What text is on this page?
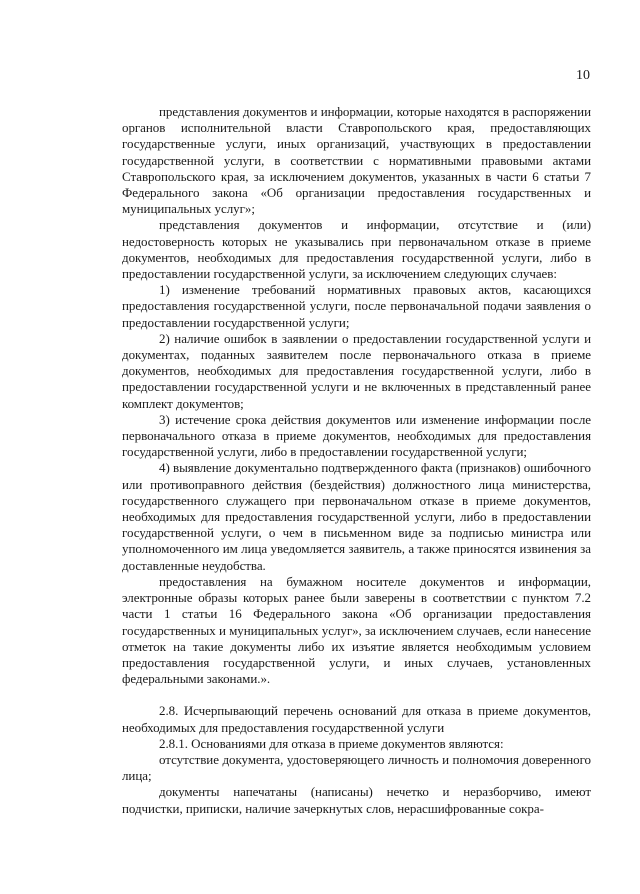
10

представления документов и информации, которые находятся в распоряжении органов исполнительной власти Ставропольского края, предоставляющих государственные услуги, иных организаций, участвующих в предоставлении государственной услуги, в соответствии с нормативными правовыми актами Ставропольского края, за исключением документов, указанных в части 6 статьи 7 Федерального закона «Об организации предоставления государственных и муниципальных услуг»;

представления документов и информации, отсутствие и (или) недостоверность которых не указывались при первоначальном отказе в приеме документов, необходимых для предоставления государственной услуги, либо в предоставлении государственной услуги, за исключением следующих случаев:

1) изменение требований нормативных правовых актов, касающихся предоставления государственной услуги, после первоначальной подачи заявления о предоставлении государственной услуги;

2) наличие ошибок в заявлении о предоставлении государственной услуги и документах, поданных заявителем после первоначального отказа в приеме документов, необходимых для предоставления государственной услуги, либо в предоставлении государственной услуги и не включенных в представленный ранее комплект документов;

3) истечение срока действия документов или изменение информации после первоначального отказа в приеме документов, необходимых для предоставления государственной услуги, либо в предоставлении государственной услуги;

4) выявление документально подтвержденного факта (признаков) ошибочного или противоправного действия (бездействия) должностного лица министерства, государственного служащего при первоначальном отказе в приеме документов, необходимых для предоставления государственной услуги, либо в предоставлении государственной услуги, о чем в письменном виде за подписью министра или уполномоченного им лица уведомляется заявитель, а также приносятся извинения за доставленные неудобства.

предоставления на бумажном носителе документов и информации, электронные образы которых ранее были заверены в соответствии с пунктом 7.2 части 1 статьи 16 Федерального закона «Об организации предоставления государственных и муниципальных услуг», за исключением случаев, если нанесение отметок на такие документы либо их изъятие является необходимым условием предоставления государственной услуги, и иных случаев, установленных федеральными законами.».

2.8. Исчерпывающий перечень оснований для отказа в приеме документов, необходимых для предоставления государственной услуги

2.8.1. Основаниями для отказа в приеме документов являются:

отсутствие документа, удостоверяющего личность и полномочия доверенного лица;

документы напечатаны (написаны) нечетко и неразборчиво, имеют подчистки, приписки, наличие зачеркнутых слов, нерасшифрованные сокра-
